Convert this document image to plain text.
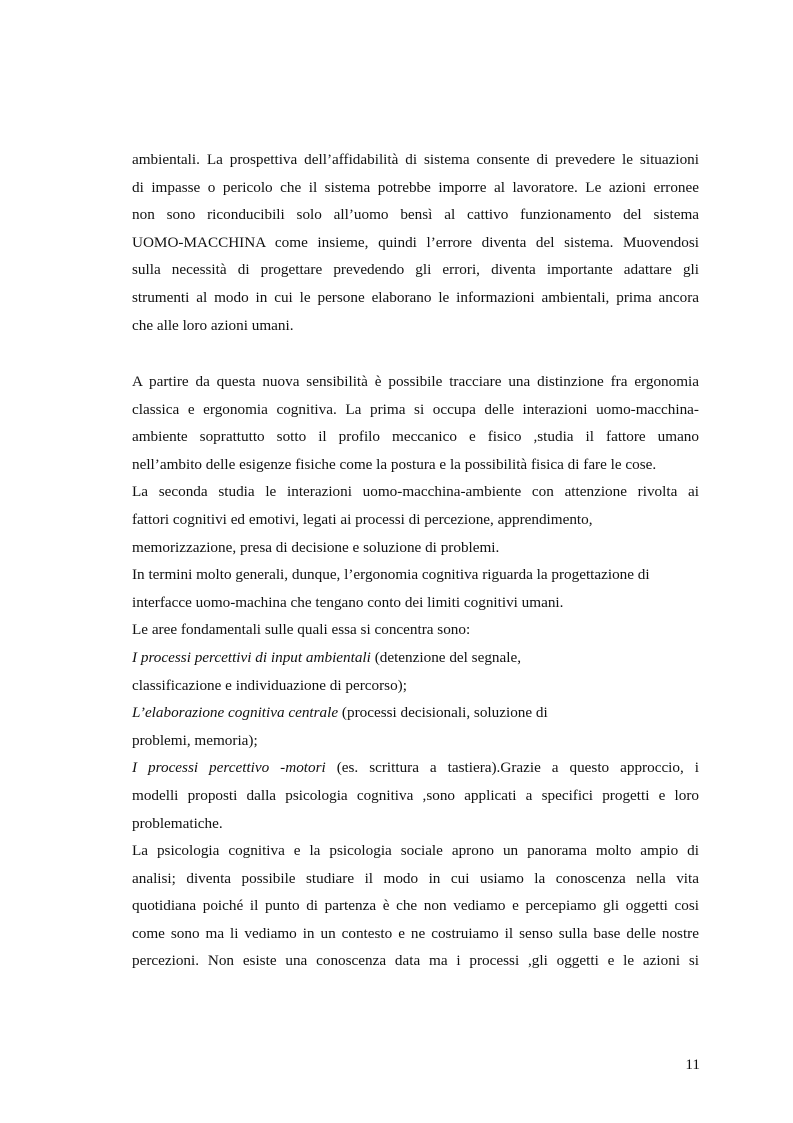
ambientali. La prospettiva dell’affidabilità di sistema consente di prevedere le situazioni
di impasse o pericolo che il sistema potrebbe imporre al lavoratore. Le azioni erronee
non sono riconducibili solo all’uomo bensì al cattivo funzionamento del sistema
UOMO-MACCHINA come insieme, quindi l’errore diventa del sistema. Muovendosi
sulla necessità di progettare prevedendo gli errori, diventa importante adattare gli
strumenti al modo in cui le persone elaborano le informazioni ambientali, prima ancora
che alle loro azioni umani.
A partire da questa nuova sensibilità è possibile tracciare una distinzione fra ergonomia
classica e ergonomia cognitiva. La prima si occupa delle interazioni uomo-macchina-
ambiente soprattutto sotto il profilo meccanico e fisico ,studia il fattore umano
nell’ambito delle esigenze fisiche come la postura e la possibilità fisica di fare le cose.
La seconda studia le interazioni uomo-macchina-ambiente con attenzione rivolta ai
fattori cognitivi ed emotivi, legati ai processi di percezione, apprendimento,
memorizzazione, presa di decisione e soluzione di problemi.
In termini molto generali, dunque, l’ergonomia cognitiva riguarda la progettazione di
interfacce uomo-machina che tengano conto dei limiti cognitivi umani.
Le aree fondamentali sulle quali essa si concentra sono:
I processi percettivi di input ambientali (detenzione del segnale,
classificazione e individuazione di percorso);
L’elaborazione cognitiva centrale (processi decisionali, soluzione di
problemi, memoria);
I processi percettivo -motori (es. scrittura a tastiera).Grazie a questo approccio, i
modelli proposti dalla psicologia cognitiva ,sono applicati a specifici progetti e loro
problematiche.
La psicologia cognitiva e la psicologia sociale aprono un panorama molto ampio di
analisi; diventa possibile studiare il modo in cui usiamo la conoscenza nella vita
quotidiana poiché il punto di partenza è che non vediamo e percepiamo gli oggetti cosi
come sono ma li vediamo in un contesto e ne costruiamo il senso sulla base delle nostre
percezioni. Non esiste una conoscenza data ma i processi ,gli oggetti e le azioni si
11
